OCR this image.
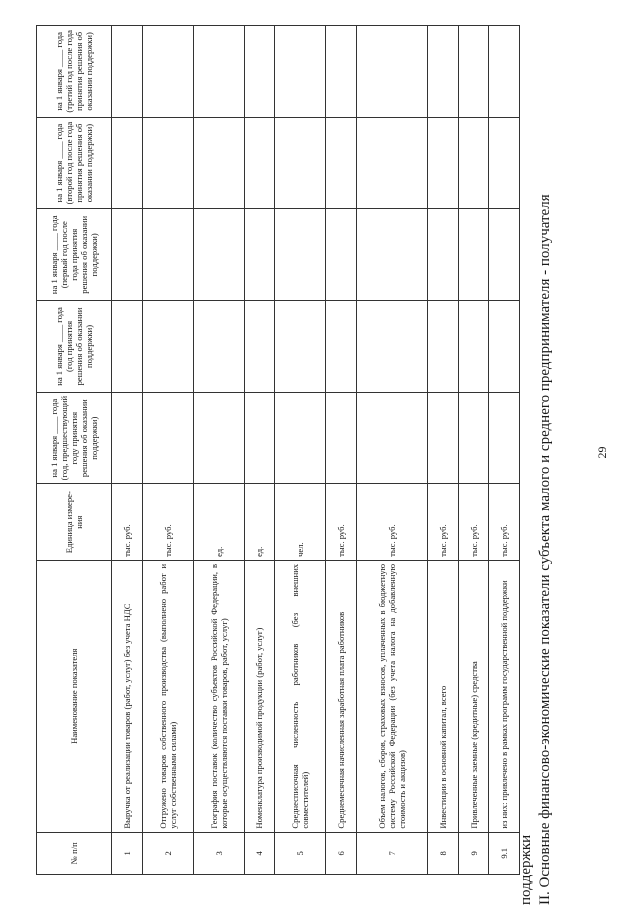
29
II. Основные финансово-экономические показатели субъекта малого и среднего предпринимателя - получателя
поддержки
№ п/п	Наименование показателя	Единица измере-ния	на 1 января ____ года (год, предшествующий году принятия решения об оказании поддержки)	на 1 января ____ года (год принятия решения об оказании поддержки)	на 1 января ____ года (первый год после года принятия решения об оказании поддержки)	на 1 января ____ года (второй год после года принятия решения об оказании поддержки)	на 1 января ____ года (третий год после года принятия решения об оказании поддержки)
1	Выручка от реализации товаров (работ, услуг) без учета НДС	тыс. руб.					
2	Отгружено товаров собственного производства (выполнено работ и услуг собственными силами)	тыс. руб.					
3	География поставок (количество субъектов Российской Федерации, в которые осуществляются поставки товаров, работ, услуг)	ед.					
4	Номенклатура производимой продукции (работ, услуг)	ед.					
5	Среднесписочная численность работников (без внешних совместителей)	чел.					
6	Среднемесячная начисленная заработная плата работников	тыс. руб.					
7	Объем налогов, сборов, страховых взносов, уплаченных в бюджетную систему Российской Федерации (без учета налога на добавленную стоимость и акцизов)	тыс. руб.					
8	Инвестиции в основной капитал, всего	тыс. руб.					
9	Привлеченные заемные (кредитные) средства	тыс. руб.					
9.1	из них: привлечено в рамках программ государственной поддержки	тыс. руб.					
